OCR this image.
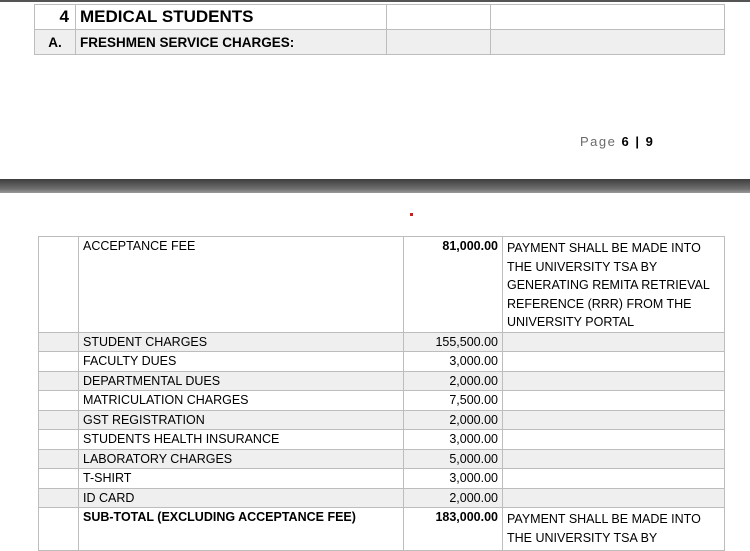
4	MEDICAL STUDENTS		
A.	FRESHMEN SERVICE CHARGES:		
Page 6 | 9
	ACCEPTANCE FEE	81,000.00	PAYMENT SHALL BE MADE INTO THE UNIVERSITY TSA BY GENERATING REMITA RETRIEVAL REFERENCE (RRR) FROM THE UNIVERSITY PORTAL
	STUDENT CHARGES	155,500.00	
	FACULTY DUES	3,000.00	
	DEPARTMENTAL DUES	2,000.00	
	MATRICULATION CHARGES	7,500.00	
	GST REGISTRATION	2,000.00	
	STUDENTS HEALTH INSURANCE	3,000.00	
	LABORATORY CHARGES	5,000.00	
	T-SHIRT	3,000.00	
	ID CARD	2,000.00	
	SUB-TOTAL (EXCLUDING ACCEPTANCE FEE)	183,000.00	PAYMENT SHALL BE MADE INTO THE UNIVERSITY TSA BY
